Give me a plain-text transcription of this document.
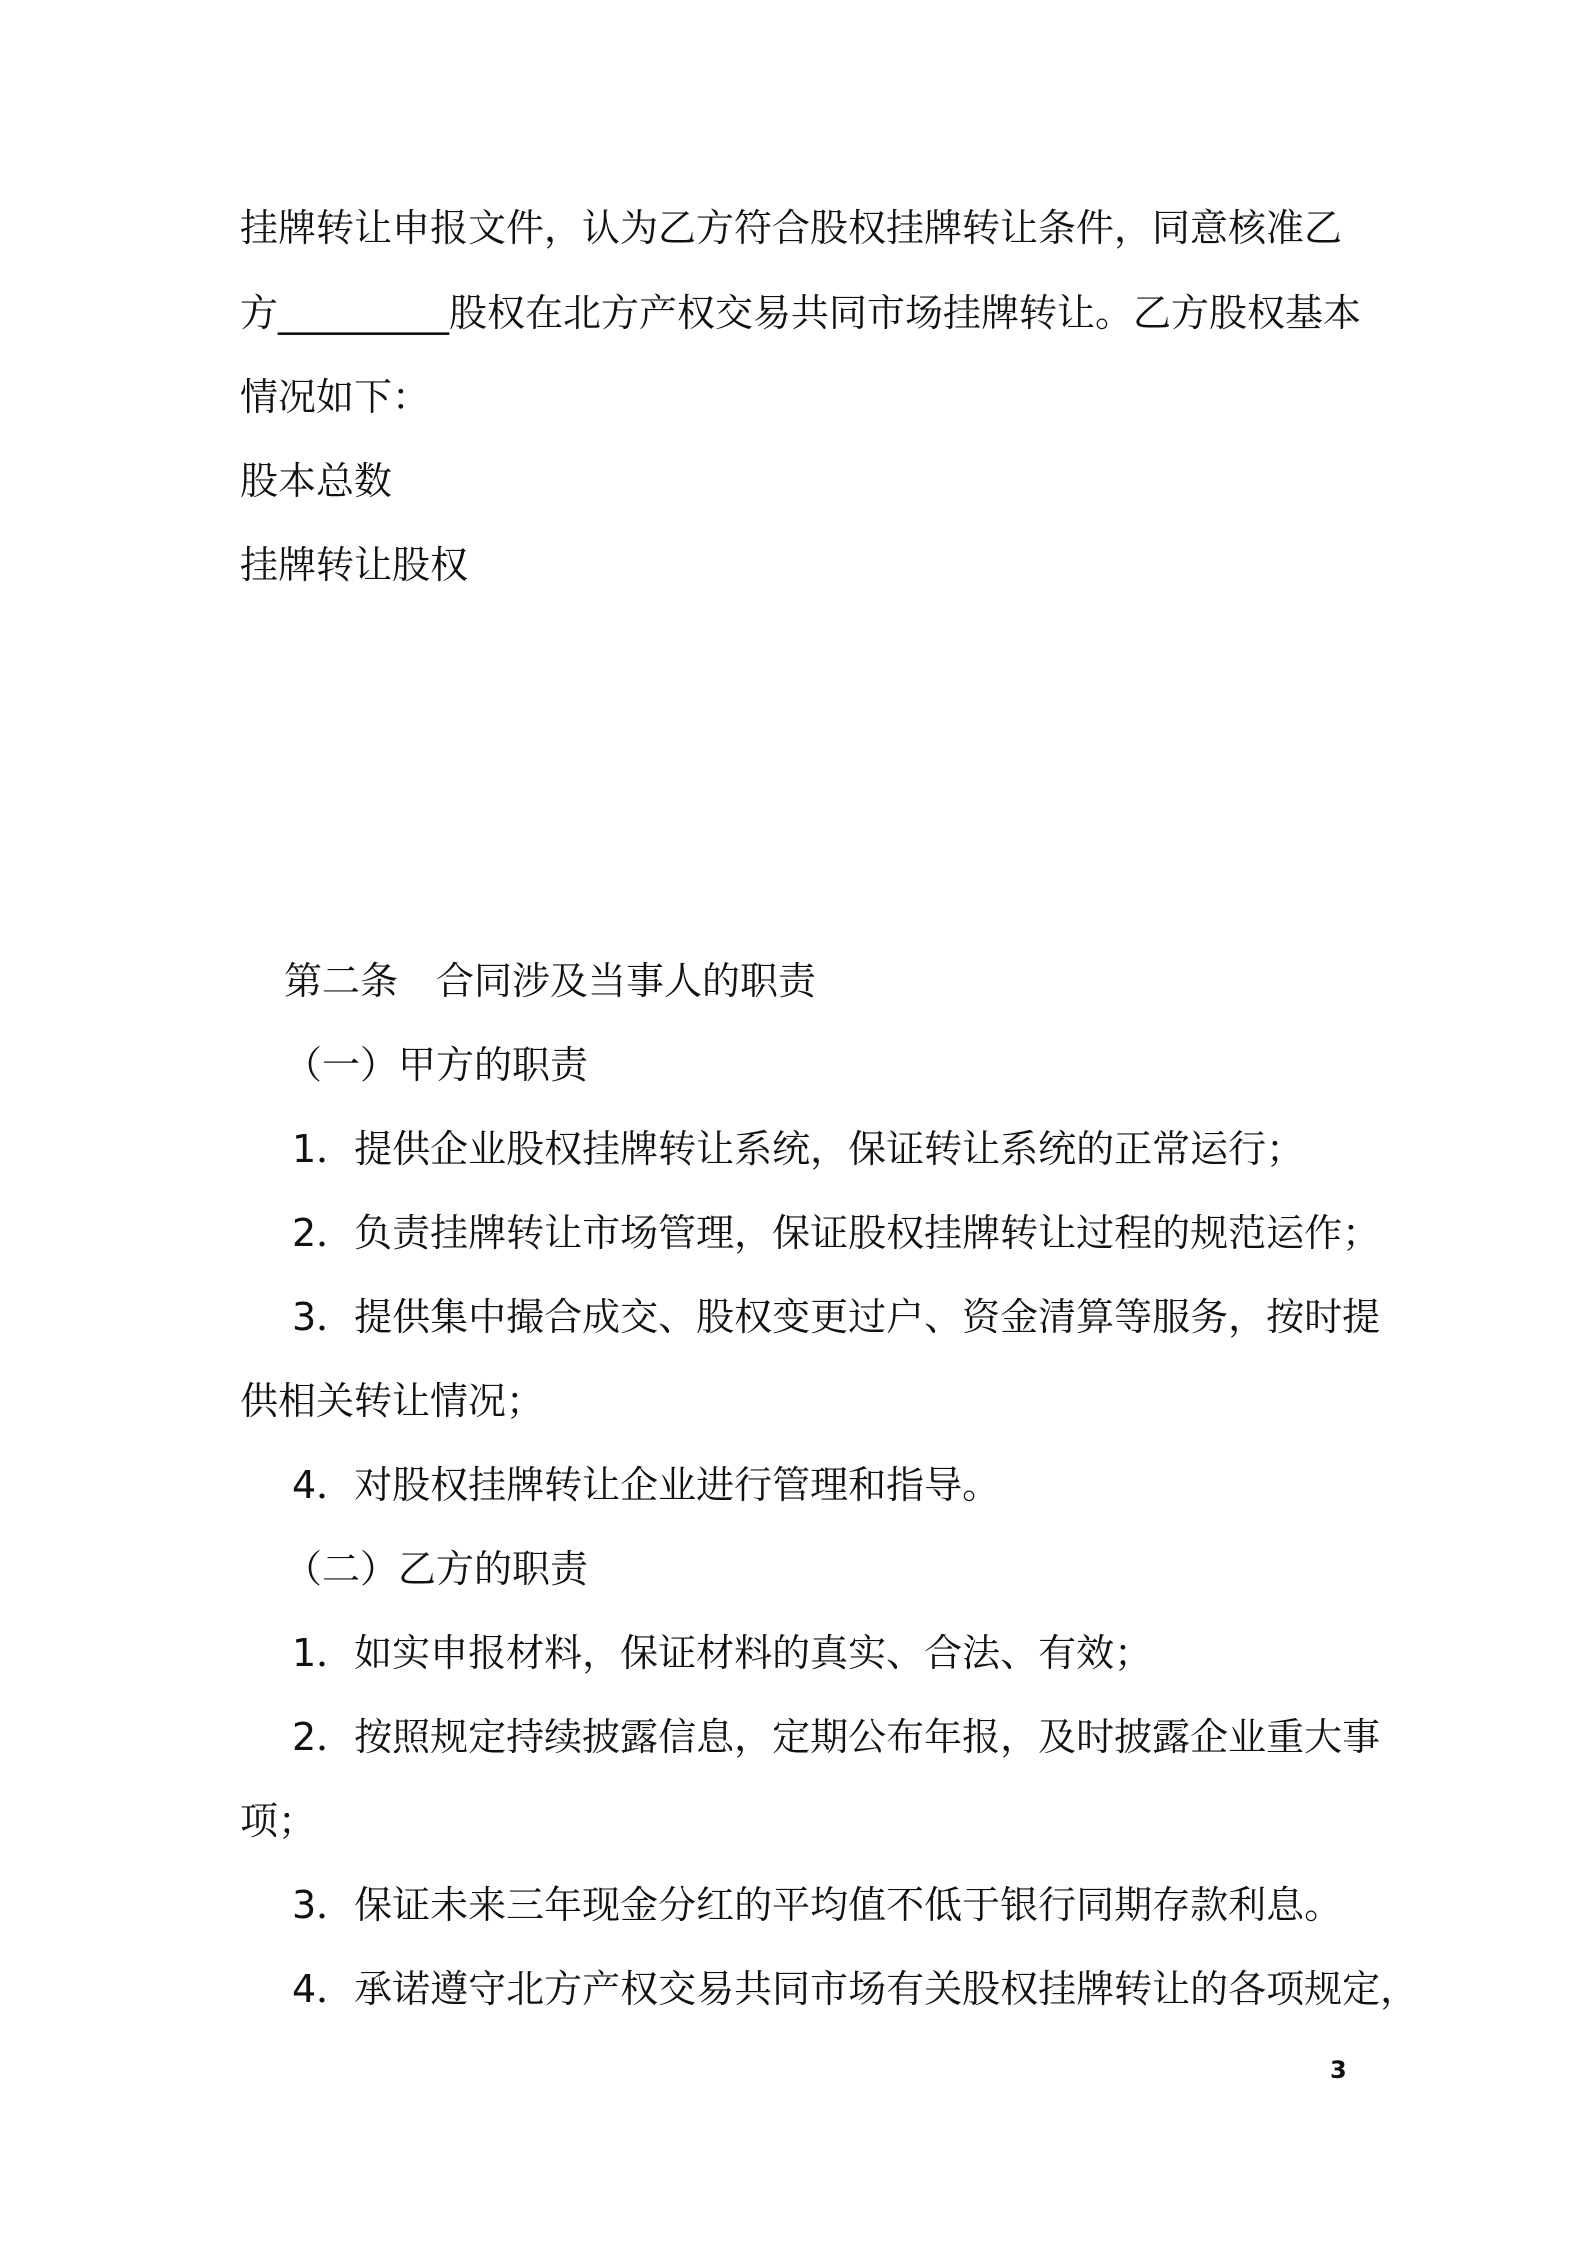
挂牌转让申报文件，认为乙方符合股权挂牌转让条件，同意核准乙
方_________股权在北方产权交易共同市场挂牌转让。乙方股权基本
情况如下：
股本总数
挂牌转让股权
第二条　合同涉及当事人的职责
（一）甲方的职责
1．提供企业股权挂牌转让系统，保证转让系统的正常运行；
2．负责挂牌转让市场管理，保证股权挂牌转让过程的规范运作；
3．提供集中撮合成交、股权变更过户、资金清算等服务，按时提
供相关转让情况；
4．对股权挂牌转让企业进行管理和指导。
（二）乙方的职责
1．如实申报材料，保证材料的真实、合法、有效；
2．按照规定持续披露信息，定期公布年报，及时披露企业重大事
项；
3．保证未来三年现金分红的平均值不低于银行同期存款利息。
4．承诺遵守北方产权交易共同市场有关股权挂牌转让的各项规定，
3
